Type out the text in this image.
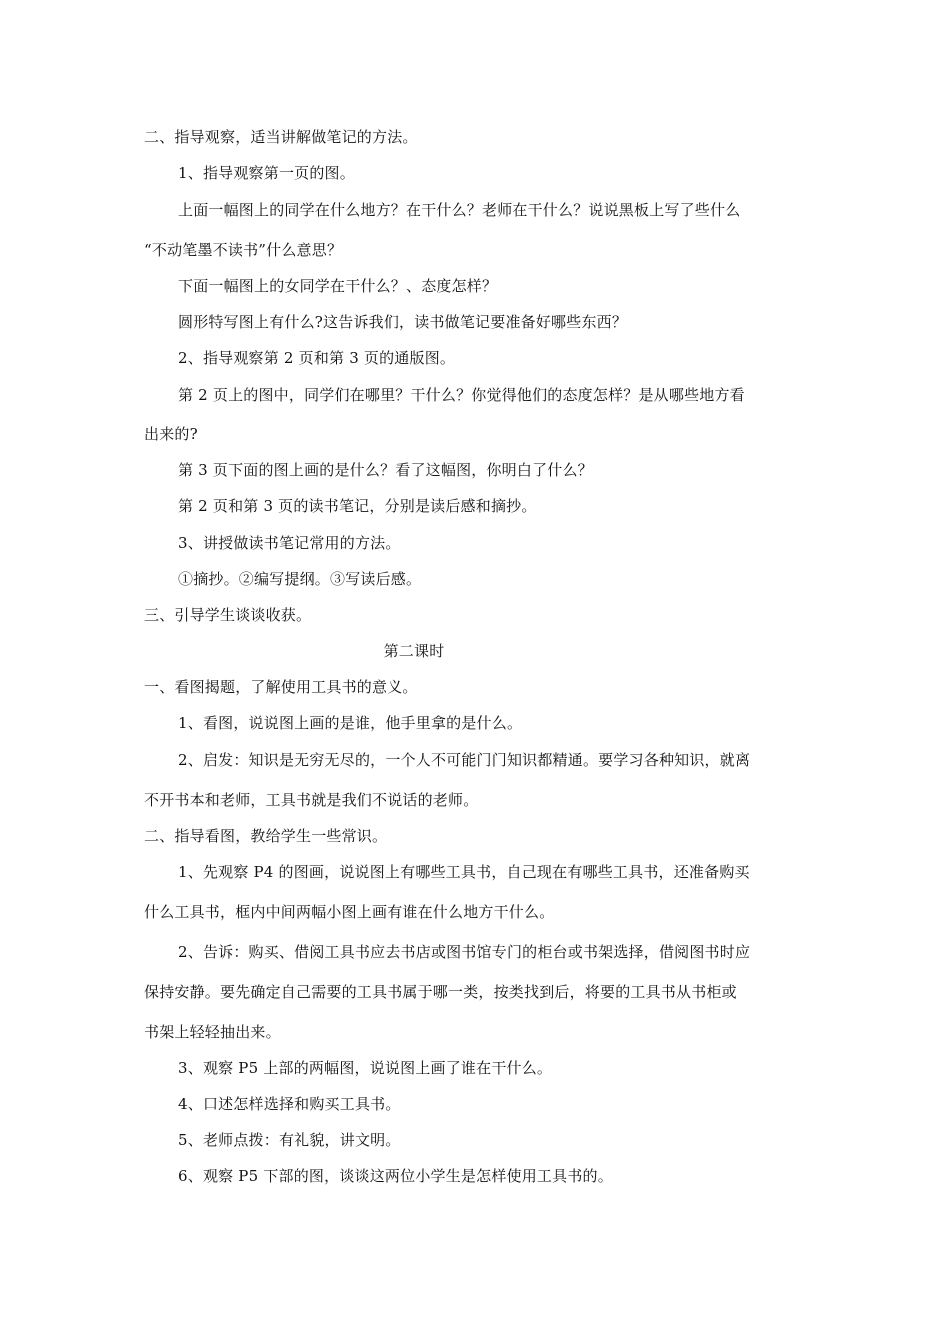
二、指导观察，适当讲解做笔记的方法。
1、指导观察第一页的图。
上面一幅图上的同学在什么地方？在干什么？老师在干什么？说说黑板上写了些什么
“不动笔墨不读书”什么意思？
下面一幅图上的女同学在干什么？、态度怎样？
圆形特写图上有什么?这告诉我们，读书做笔记要准备好哪些东西？
2、指导观察第 2 页和第 3 页的通版图。
第 2 页上的图中，同学们在哪里？干什么？你觉得他们的态度怎样？是从哪些地方看
出来的?
第 3 页下面的图上画的是什么？看了这幅图，你明白了什么？
第 2 页和第 3 页的读书笔记，分别是读后感和摘抄。
3、讲授做读书笔记常用的方法。
①摘抄。②编写提纲。③写读后感。
三、引导学生谈谈收获。
第二课时
一、看图揭题，了解使用工具书的意义。
1、看图，说说图上画的是谁，他手里拿的是什么。
2、启发：知识是无穷无尽的，一个人不可能门门知识都精通。要学习各种知识，就离
不开书本和老师，工具书就是我们不说话的老师。
二、指导看图，教给学生一些常识。
1、先观察 P4 的图画，说说图上有哪些工具书，自己现在有哪些工具书，还准备购买
什么工具书，框内中间两幅小图上画有谁在什么地方干什么。
2、告诉：购买、借阅工具书应去书店或图书馆专门的柜台或书架选择，借阅图书时应
保持安静。要先确定自己需要的工具书属于哪一类，按类找到后，将要的工具书从书柜或
书架上轻轻抽出来。
3、观察 P5 上部的两幅图，说说图上画了谁在干什么。
4、口述怎样选择和购买工具书。
5、老师点拨：有礼貌，讲文明。
6、观察 P5 下部的图，谈谈这两位小学生是怎样使用工具书的。
